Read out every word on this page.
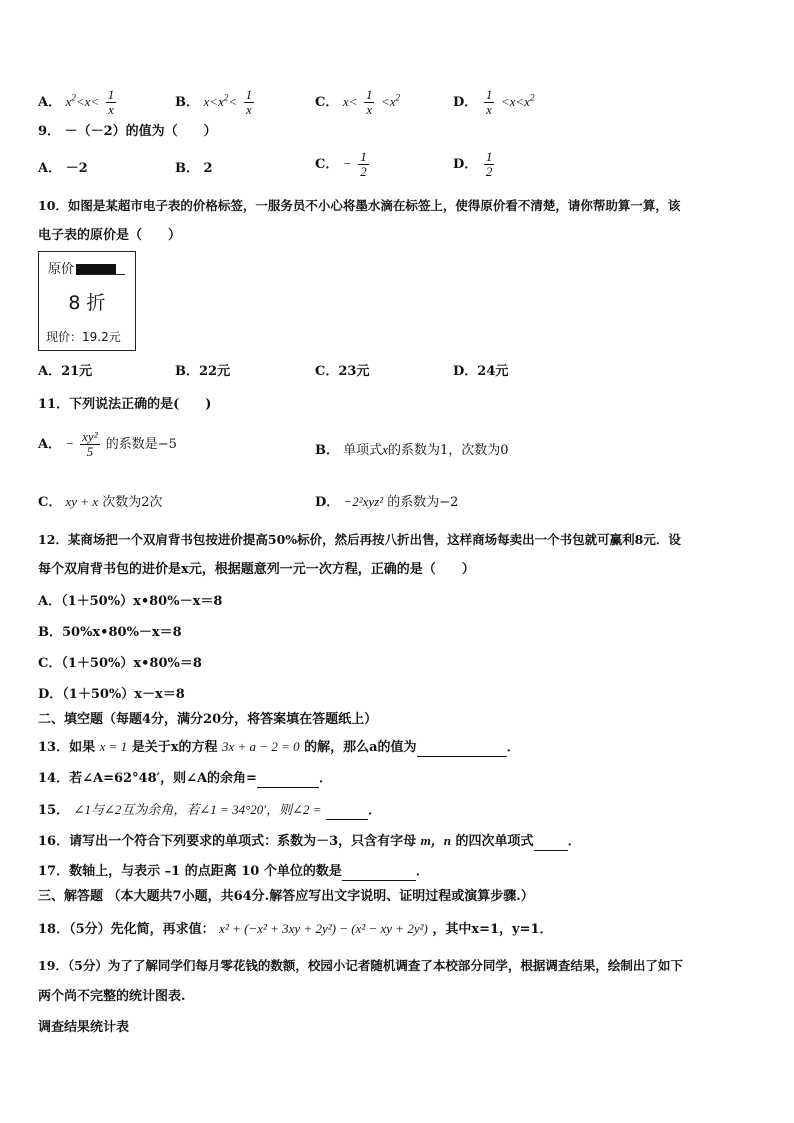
A． $x^2<x< \frac{1}{x}$	B． $x<x^2< \frac{1}{x}$	C． $x< \frac{1}{x} <x^2$	D． $\frac{1}{x} <x<x^2$
9． －（－2）的值为（　　）
A． －2	B． 2	C． − $\frac{1}{2}$	D． $\frac{1}{2}$
10．如图是某超市电子表的价格标签，一服务员不小心将墨水滴在标签上，使得原价看不清楚，请你帮助算一算，该
电子表的原价是（　　）
原价
8 折
现价：19.2元
A．21元	B．22元	C．23元	D．24元
11．下列说法正确的是(　　)
A． − $\frac{\text{xy²}}{5}$ 的系数是−5	B． 单项式x的系数为1，次数为0
C． xy + x 次数为2次	D． −2²xyz² 的系数为−2
12．某商场把一个双肩背书包按进价提高50%标价，然后再按八折出售，这样商场每卖出一个书包就可赢利8元．设
每个双肩背书包的进价是x元，根据题意列一元一次方程，正确的是（　　）
A．（1＋50%）x•80%－x＝8
B．50%x•80%－x＝8
C．（1＋50%）x•80%＝8
D．（1＋50%）x－x＝8
二、填空题（每题4分，满分20分，将答案填在答题纸上）
13．如果 x = 1 是关于x的方程 3x + a − 2 = 0 的解，那么a的值为	．
14．若∠A=62°48′，则∠A的余角=	．
15． ∠1与∠2互为余角，若∠1 = 34°20′，则∠2 =	．
16．请写出一个符合下列要求的单项式：系数为－3，只含有字母 m，n 的四次单项式	．
17．数轴上，与表示 –1 的点距离 10 个单位的数是	．
三、解答题 （本大题共7小题，共64分.解答应写出文字说明、证明过程或演算步骤.）
18．（5分）先化简，再求值： x² + (−x² + 3xy + 2y²) − (x² − xy + 2y²) ，其中x=1，y=1．
19．（5分）为了了解同学们每月零花钱的数额，校园小记者随机调查了本校部分同学，根据调查结果，绘制出了如下
两个尚不完整的统计图表.
调查结果统计表
